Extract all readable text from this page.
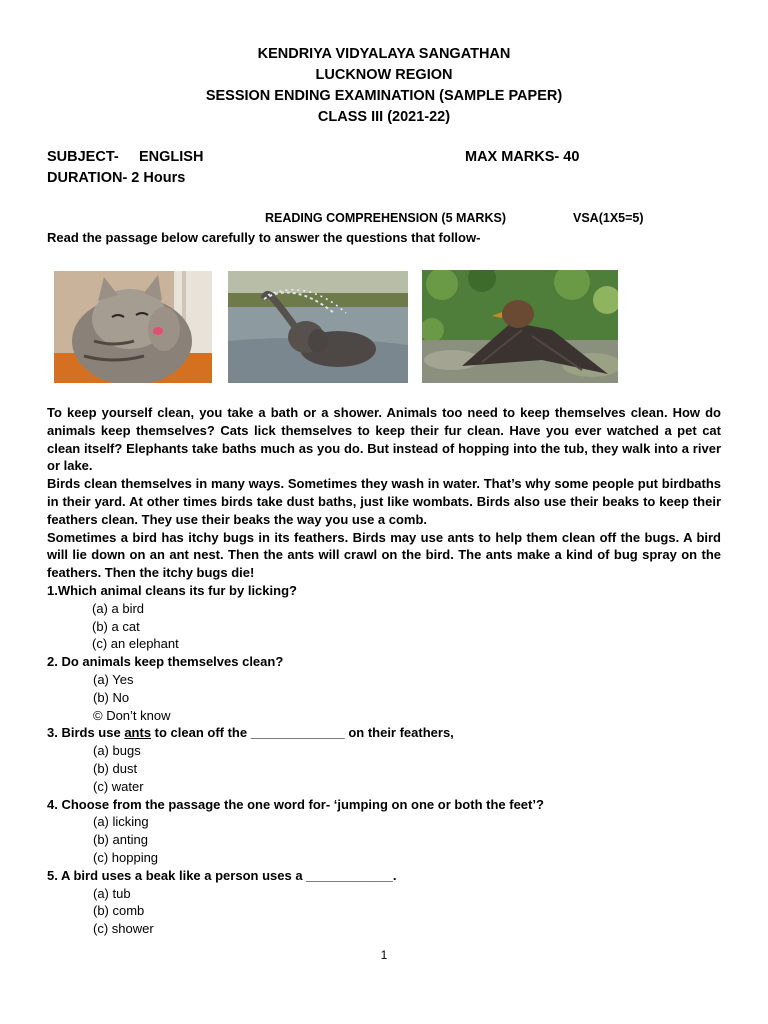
KENDRIYA VIDYALAYA SANGATHAN
LUCKNOW REGION
SESSION ENDING EXAMINATION (SAMPLE PAPER)
CLASS III (2021-22)
SUBJECT- ENGLISH	MAX MARKS- 40
DURATION- 2 Hours
READING COMPREHENSION (5 MARKS)	VSA(1X5=5)
Read the passage below carefully to answer the questions that follow-

To keep yourself clean, you take a bath or a shower. Animals too need to keep themselves clean. How do animals keep themselves? Cats lick themselves to keep their fur clean. Have you ever watched a pet cat clean itself? Elephants take baths much as you do. But instead of hopping into the tub, they walk into a river or lake.

Birds clean themselves in many ways. Sometimes they wash in water. That’s why some people put birdbaths in their yard. At other times birds take dust baths, just like wombats. Birds also use their beaks to keep their feathers clean. They use their beaks the way you use a comb.

Sometimes a bird has itchy bugs in its feathers. Birds may use ants to help them clean off the bugs. A bird will lie down on an ant nest. Then the ants will crawl on the bird. The ants make a kind of bug spray on the feathers. Then the itchy bugs die!

1.Which animal cleans its fur by licking?
(a) a bird
(b) a cat
(c) an elephant
2. Do animals keep themselves clean?
(a) Yes
(b) No
© Don’t know
3. Birds use ants to clean off the _____________ on their feathers,
(a) bugs
(b) dust
(c) water
4. Choose from the passage the one word for- ‘jumping on one or both the feet’?
(a) licking
(b) anting
(c) hopping
5. A bird uses a beak like a person uses a ____________.
(a) tub
(b) comb
(c) shower
1
